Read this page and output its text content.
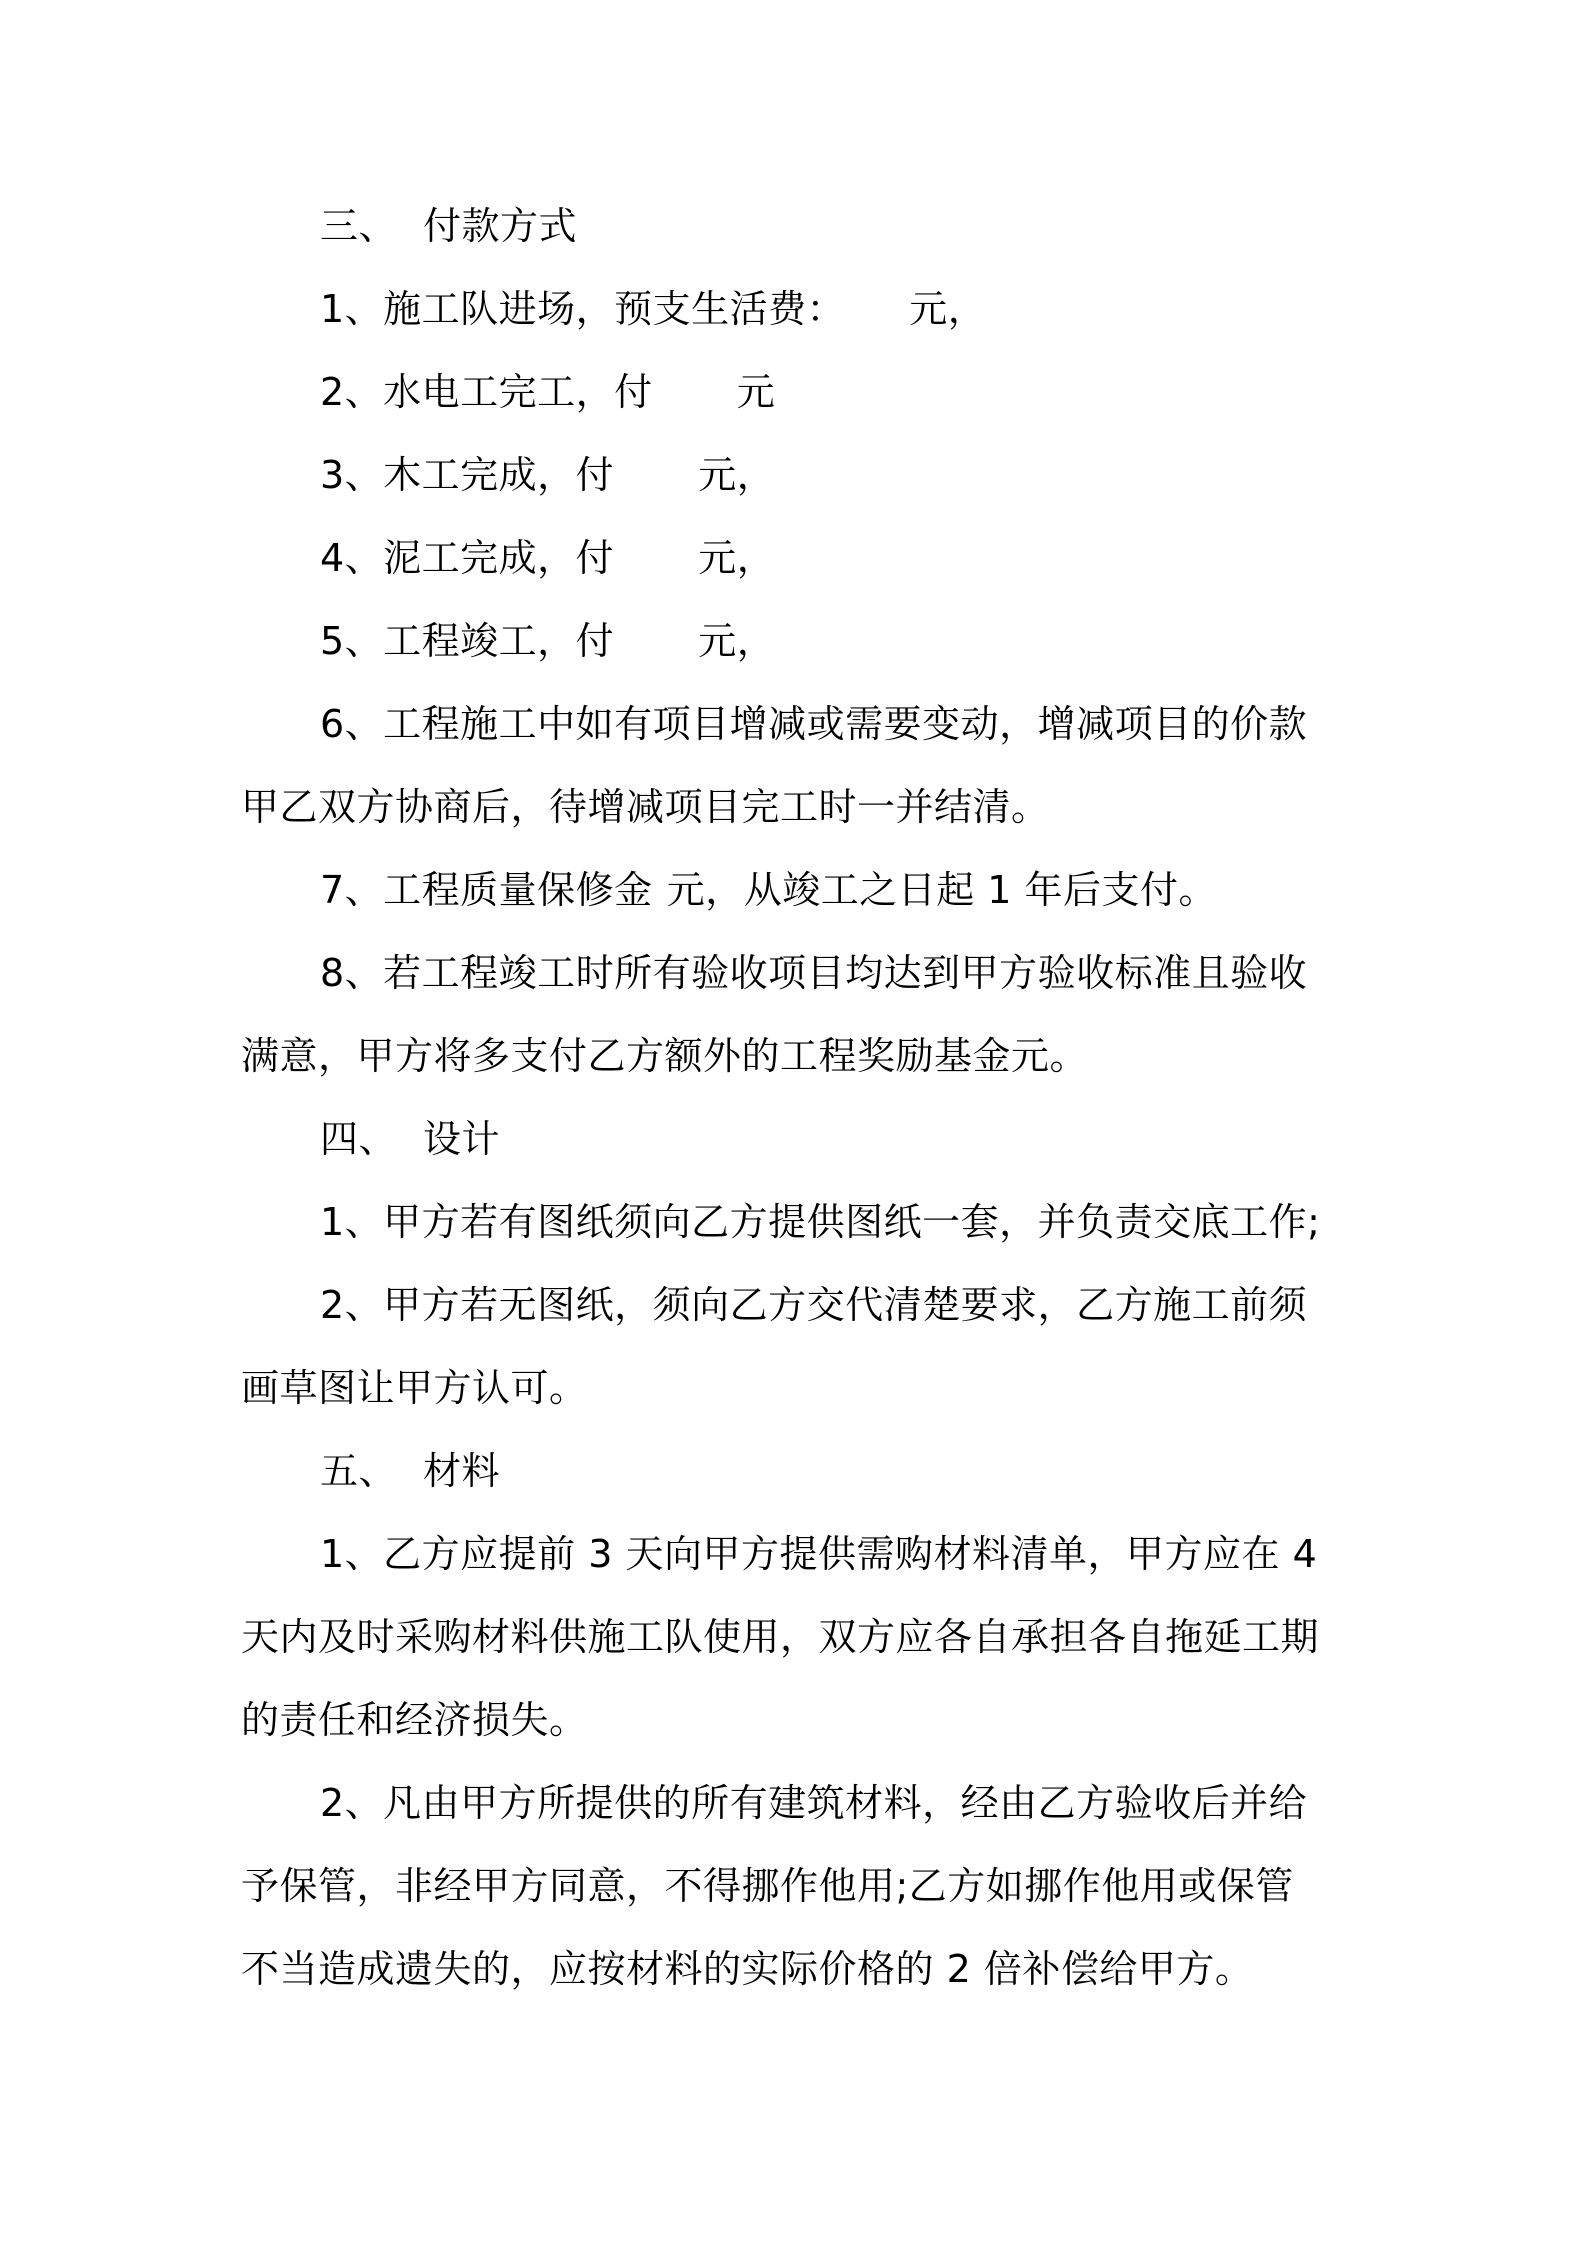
三、 付款方式
1、施工队进场，预支生活费： 元，
2、水电工完工，付 元
3、木工完成，付 元，
4、泥工完成，付 元，
5、工程竣工，付 元，
6、工程施工中如有项目增减或需要变动，增减项目的价款
甲乙双方协商后，待增减项目完工时一并结清。
7、工程质量保修金 元，从竣工之日起 1 年后支付。
8、若工程竣工时所有验收项目均达到甲方验收标准且验收
满意，甲方将多支付乙方额外的工程奖励基金元。
四、 设计
1、甲方若有图纸须向乙方提供图纸一套，并负责交底工作;
2、甲方若无图纸，须向乙方交代清楚要求，乙方施工前须
画草图让甲方认可。
五、 材料
1、乙方应提前 3 天向甲方提供需购材料清单，甲方应在 4
天内及时采购材料供施工队使用，双方应各自承担各自拖延工期
的责任和经济损失。
2、凡由甲方所提供的所有建筑材料，经由乙方验收后并给
予保管，非经甲方同意，不得挪作他用;乙方如挪作他用或保管
不当造成遗失的，应按材料的实际价格的 2 倍补偿给甲方。
